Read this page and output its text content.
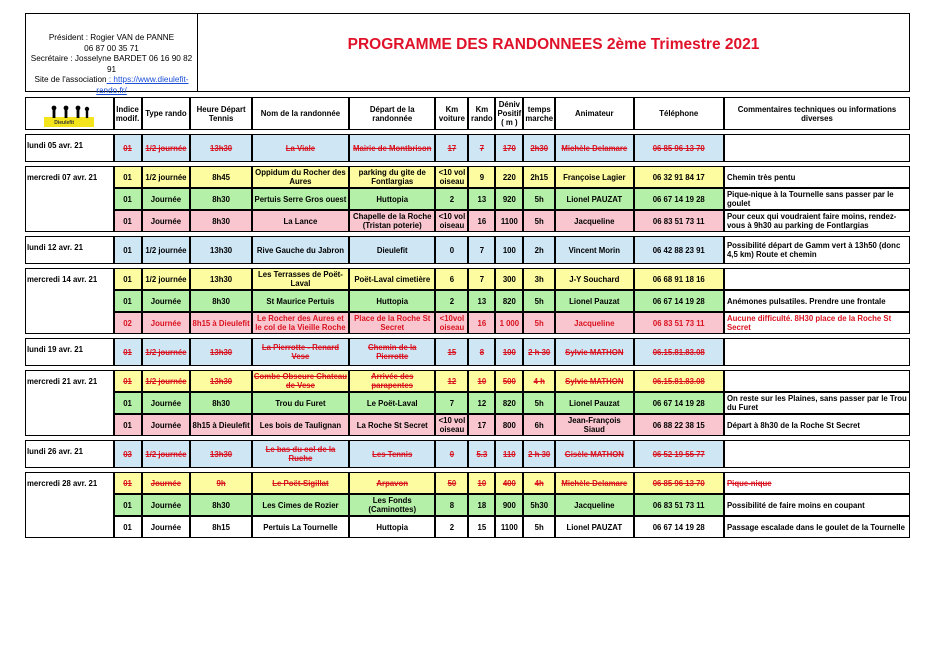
Président : Rogier VAN de PANNE
06 87 00 35 71
Secrétaire : Josselyne BARDET 06 16 90 82 91
Site de l'association : https://www.dieulefit-rando.fr/
PROGRAMME DES RANDONNEES 2ème Trimestre 2021
Dieulefit	Indice modif.	Type rando	Heure Départ Tennis	Nom de la randonnée	Départ de la randonnée	Km voiture	Km rando	Déniv Positif ( m )	temps marche	Animateur	Téléphone	Commentaires techniques ou informations diverses

lundi 05 avr. 21	01	1/2 journée	13h30	La Viale	Mairie de Montbrison	17	7	170	2h30	Michèle Delamare	06 85 96 13 70	

mercredi 07 avr. 21	01	1/2 journée	8h45	Oppidum du Rocher des Aures	parking du gite de Fontlargias	<10 vol oiseau	9	220	2h15	Françoise Lagier	06 32 91 84 17	Chemin très pentu
	01	Journée	8h30	Pertuis Serre Gros ouest	Huttopia	2	13	920	5h	Lionel PAUZAT	06 67 14 19 28	Pique-nique à la Tournelle sans passer par le goulet
	01	Journée	8h30	La Lance	Chapelle de la Roche (Tristan poterie)	<10 vol oiseau	16	1100	5h	Jacqueline	06 83 51 73 11	Pour ceux qui voudraient faire moins, rendez-vous à 9h30 au parking de Fontlargias

lundi 12 avr. 21	01	1/2 journée	13h30	Rive Gauche du Jabron	Dieulefit	0	7	100	2h	Vincent Morin	06 42 88 23 91	Possibilité départ de Gamm vert à 13h50 (donc 4,5 km) Route et chemin

mercredi 14 avr. 21	01	1/2 journée	13h30	Les Terrasses de Poët-Laval	Poët-Laval cimetière	6	7	300	3h	J-Y Souchard	06 68 91 18 16	
	01	Journée	8h30	St Maurice Pertuis	Huttopia	2	13	820	5h	Lionel Pauzat	06 67 14 19 28	Anémones pulsatiles. Prendre une frontale
	02	Journée	8h15 à Dieulefit	Le Rocher des Aures et le col de la Vieille Roche	Place de la Roche St Secret	<10vol oiseau	16	1 000	5h	Jacqueline	06 83 51 73 11	Aucune difficulté. 8H30 place de la Roche St Secret

lundi 19 avr. 21	01	1/2 journée	13h30	La Pierrotte - Renard Vese	Chemin de la Pierrotte	15	8	100	2 h 30	Sylvie MATHON	06.15.81.83.08	

mercredi 21 avr. 21	01	1/2 journée	13h30	Combe Obscure Chateau de Vese	Arrivée des parapentes	12	10	500	4 h	Sylvie MATHON	06.15.81.83.08	
	01	Journée	8h30	Trou du Furet	Le Poët-Laval	7	12	820	5h	Lionel Pauzat	06 67 14 19 28	On reste sur les Plaines, sans passer par le Trou du Furet
	01	Journée	8h15 à Dieulefit	Les bois de Taulignan	La Roche St Secret	<10 vol oiseau	17	800	6h	Jean-François Siaud	06 88 22 38 15	Départ à 8h30 de la Roche St Secret

lundi 26 avr. 21	03	1/2 journée	13h30	Le bas du col de la Ruche	Les Tennis	0	5.3	110	2 h 30	Gisèle MATHON	06 52 19 55 77	

mercredi 28 avr. 21	01	Journée	9h	Le Poët-Sigillat	Arpavon	50	10	400	4h	Michèle Delamare	06 85 96 13 70	Pique-nique
	01	Journée	8h30	Les Cimes de Rozier	Les Fonds (Caminottes)	8	18	900	5h30	Jacqueline	06 83 51 73 11	Possibilité de faire moins en coupant
	01	Journée	8h15	Pertuis La Tournelle	Huttopia	2	15	1100	5h	Lionel PAUZAT	06 67 14 19 28	Passage escalade dans le goulet de la Tournelle
